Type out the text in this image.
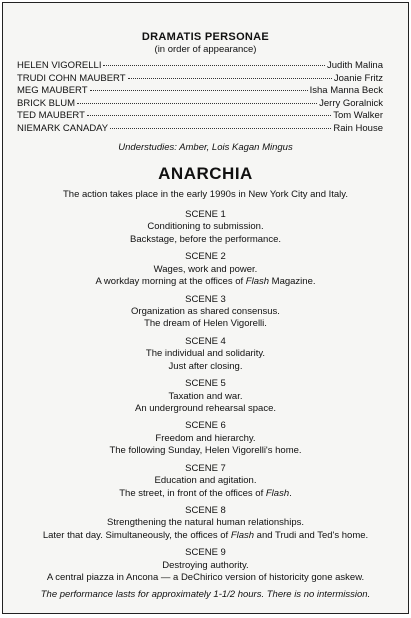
DRAMATIS PERSONAE
(in order of appearance)
HELEN VIGORELLI	Judith Malina
TRUDI COHN MAUBERT	Joanie Fritz
MEG MAUBERT	Isha Manna Beck
BRICK BLUM	Jerry Goralnick
TED MAUBERT	Tom Walker
NIEMARK CANADAY	Rain House
Understudies: Amber, Lois Kagan Mingus
ANARCHIA
The action takes place in the early 1990s in New York City and Italy.
SCENE 1
Conditioning to submission.
Backstage, before the performance.
SCENE 2
Wages, work and power.
A workday morning at the offices of Flash Magazine.
SCENE 3
Organization as shared consensus.
The dream of Helen Vigorelli.
SCENE 4
The individual and solidarity.
Just after closing.
SCENE 5
Taxation and war.
An underground rehearsal space.
SCENE 6
Freedom and hierarchy.
The following Sunday, Helen Vigorelli's home.
SCENE 7
Education and agitation.
The street, in front of the offices of Flash.
SCENE 8
Strengthening the natural human relationships.
Later that day. Simultaneously, the offices of Flash and Trudi and Ted's home.
SCENE 9
Destroying authority.
A central piazza in Ancona — a DeChirico version of historicity gone askew.
The performance lasts for approximately 1-1/2 hours. There is no intermission.
